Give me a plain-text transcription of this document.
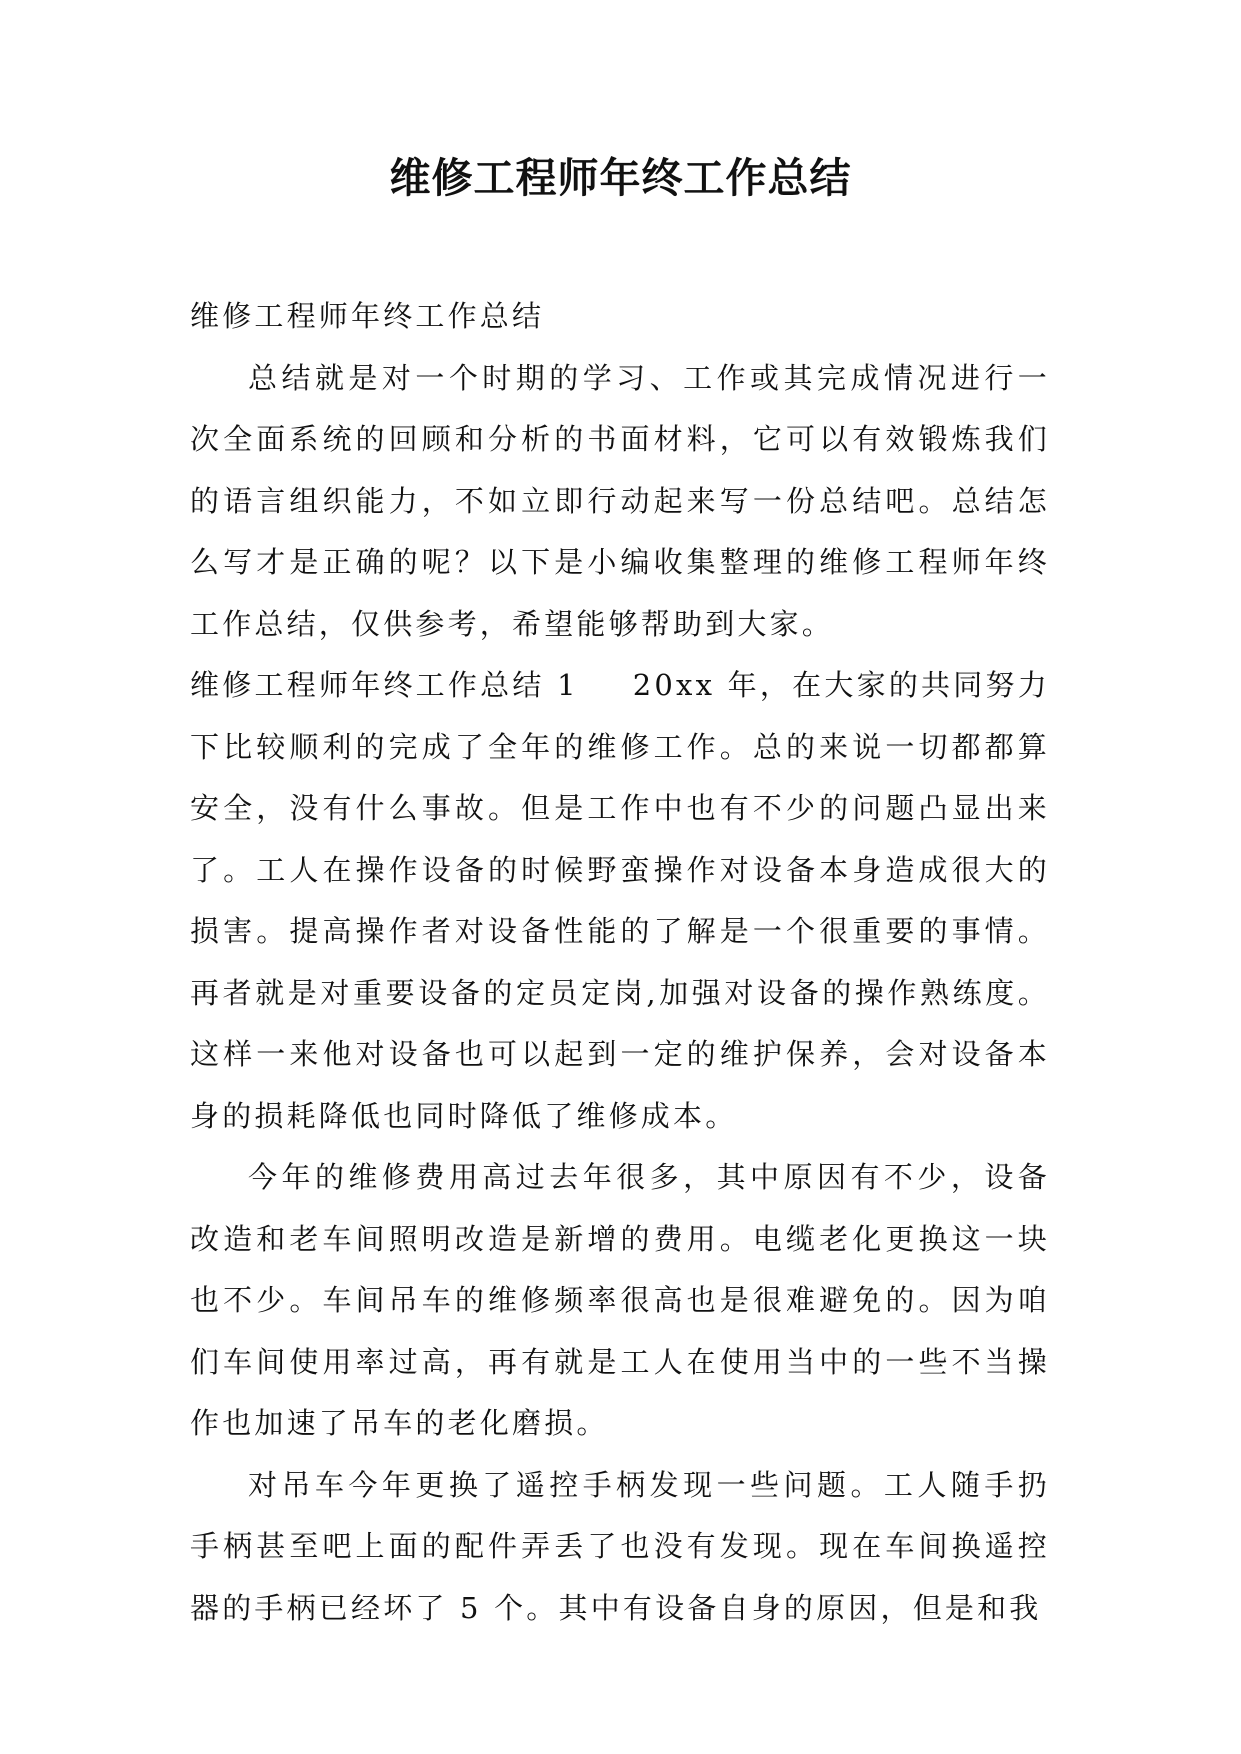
维修工程师年终工作总结

维修工程师年终工作总结

总结就是对一个时期的学习、工作或其完成情况进行一次全面系统的回顾和分析的书面材料，它可以有效锻炼我们的语言组织能力，不如立即行动起来写一份总结吧。总结怎么写才是正确的呢？以下是小编收集整理的维修工程师年终工作总结，仅供参考，希望能够帮助到大家。

维修工程师年终工作总结 1 20xx 年，在大家的共同努力下比较顺利的完成了全年的维修工作。总的来说一切都都算安全，没有什么事故。但是工作中也有不少的问题凸显出来了。工人在操作设备的时候野蛮操作对设备本身造成很大的损害。提高操作者对设备性能的了解是一个很重要的事情。再者就是对重要设备的定员定岗,加强对设备的操作熟练度。这样一来他对设备也可以起到一定的维护保养，会对设备本身的损耗降低也同时降低了维修成本。

今年的维修费用高过去年很多，其中原因有不少，设备改造和老车间照明改造是新增的费用。电缆老化更换这一块也不少。车间吊车的维修频率很高也是很难避免的。因为咱们车间使用率过高，再有就是工人在使用当中的一些不当操作也加速了吊车的老化磨损。

对吊车今年更换了遥控手柄发现一些问题。工人随手扔手柄甚至吧上面的配件弄丢了也没有发现。现在车间换遥控器的手柄已经坏了 5 个。其中有设备自身的原因，但是和我
